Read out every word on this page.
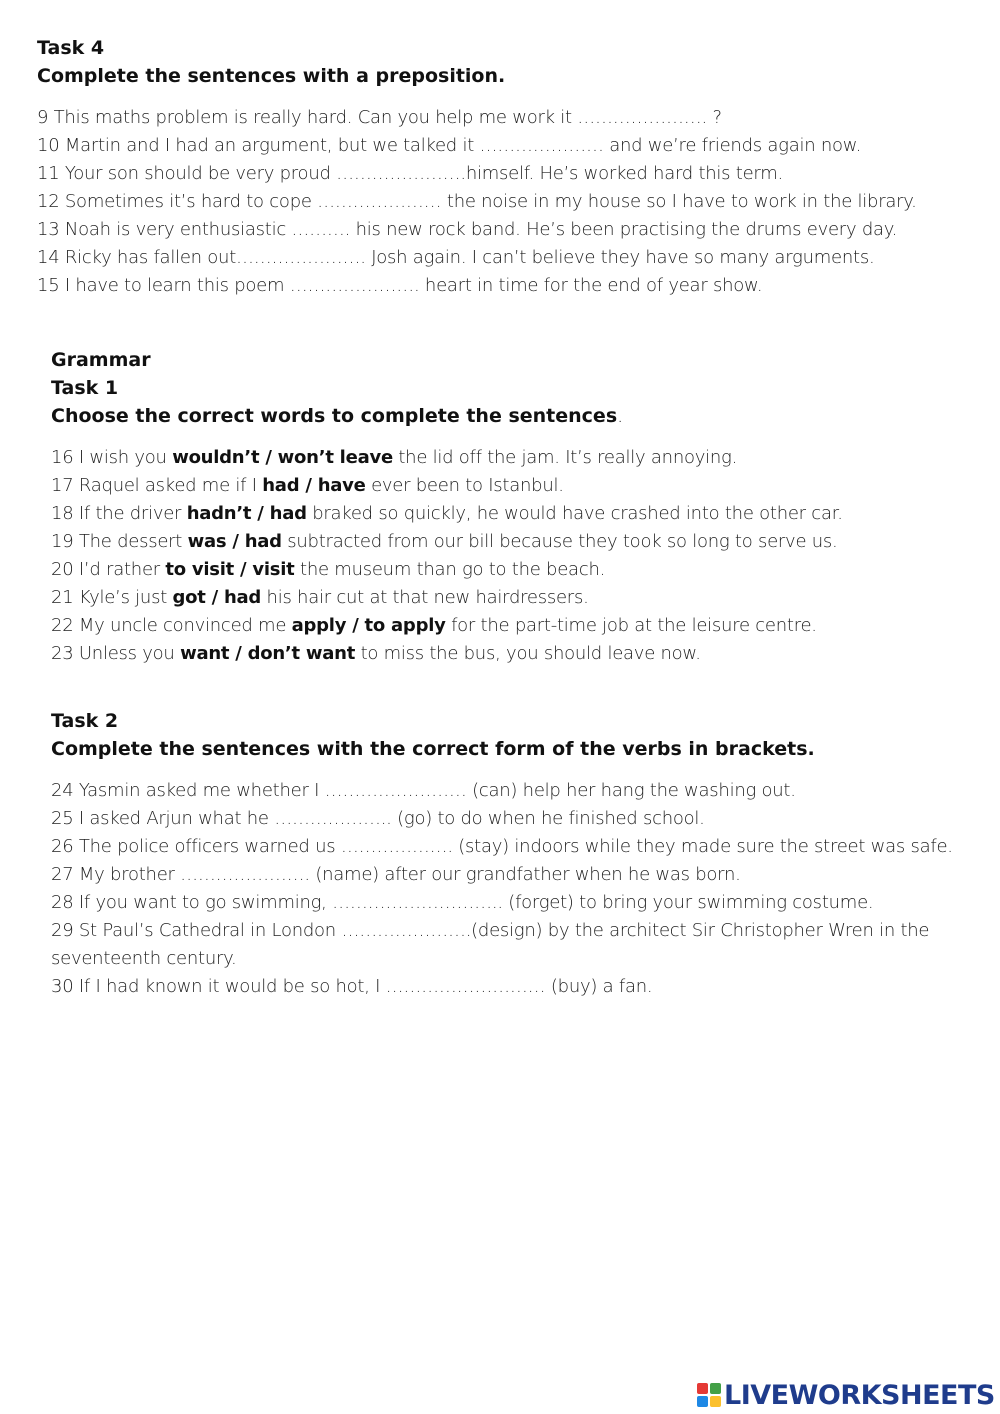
Task 4
Complete the sentences with a preposition.
9 This maths problem is really hard. Can you help me work it …………………. ?
10 Martin and I had an argument, but we talked it ………………… and we’re friends again now.
11 Your son should be very proud ………………….himself. He’s worked hard this term.
12 Sometimes it’s hard to cope ………………… the noise in my house so I have to work in the library.
13 Noah is very enthusiastic ………. his new rock band. He’s been practising the drums every day.
14 Ricky has fallen out…………………. Josh again. I can’t believe they have so many arguments.
15 I have to learn this poem …………………. heart in time for the end of year show.
Grammar
Task 1
Choose the correct words to complete the sentences.
16 I wish you wouldn’t / won’t leave the lid off the jam. It’s really annoying.
17 Raquel asked me if I had / have ever been to Istanbul.
18 If the driver hadn’t / had braked so quickly, he would have crashed into the other car.
19 The dessert was / had subtracted from our bill because they took so long to serve us.
20 I’d rather to visit / visit the museum than go to the beach.
21 Kyle’s just got / had his hair cut at that new hairdressers.
22 My uncle convinced me apply / to apply for the part-time job at the leisure centre.
23 Unless you want / don’t want to miss the bus, you should leave now.
Task 2
Complete the sentences with the correct form of the verbs in brackets.
24 Yasmin asked me whether I …………………… (can) help her hang the washing out.
25 I asked Arjun what he ……………….. (go) to do when he finished school.
26 The police officers warned us ………………. (stay) indoors while they made sure the street was safe.
27 My brother …………………. (name) after our grandfather when he was born.
28 If you want to go swimming, ……………………….. (forget) to bring your swimming costume.
29 St Paul’s Cathedral in London ………………….(design) by the architect Sir Christopher Wren in the
seventeenth century.
30 If I had known it would be so hot, I ……………………… (buy) a fan.
LIVEWORKSHEETS
